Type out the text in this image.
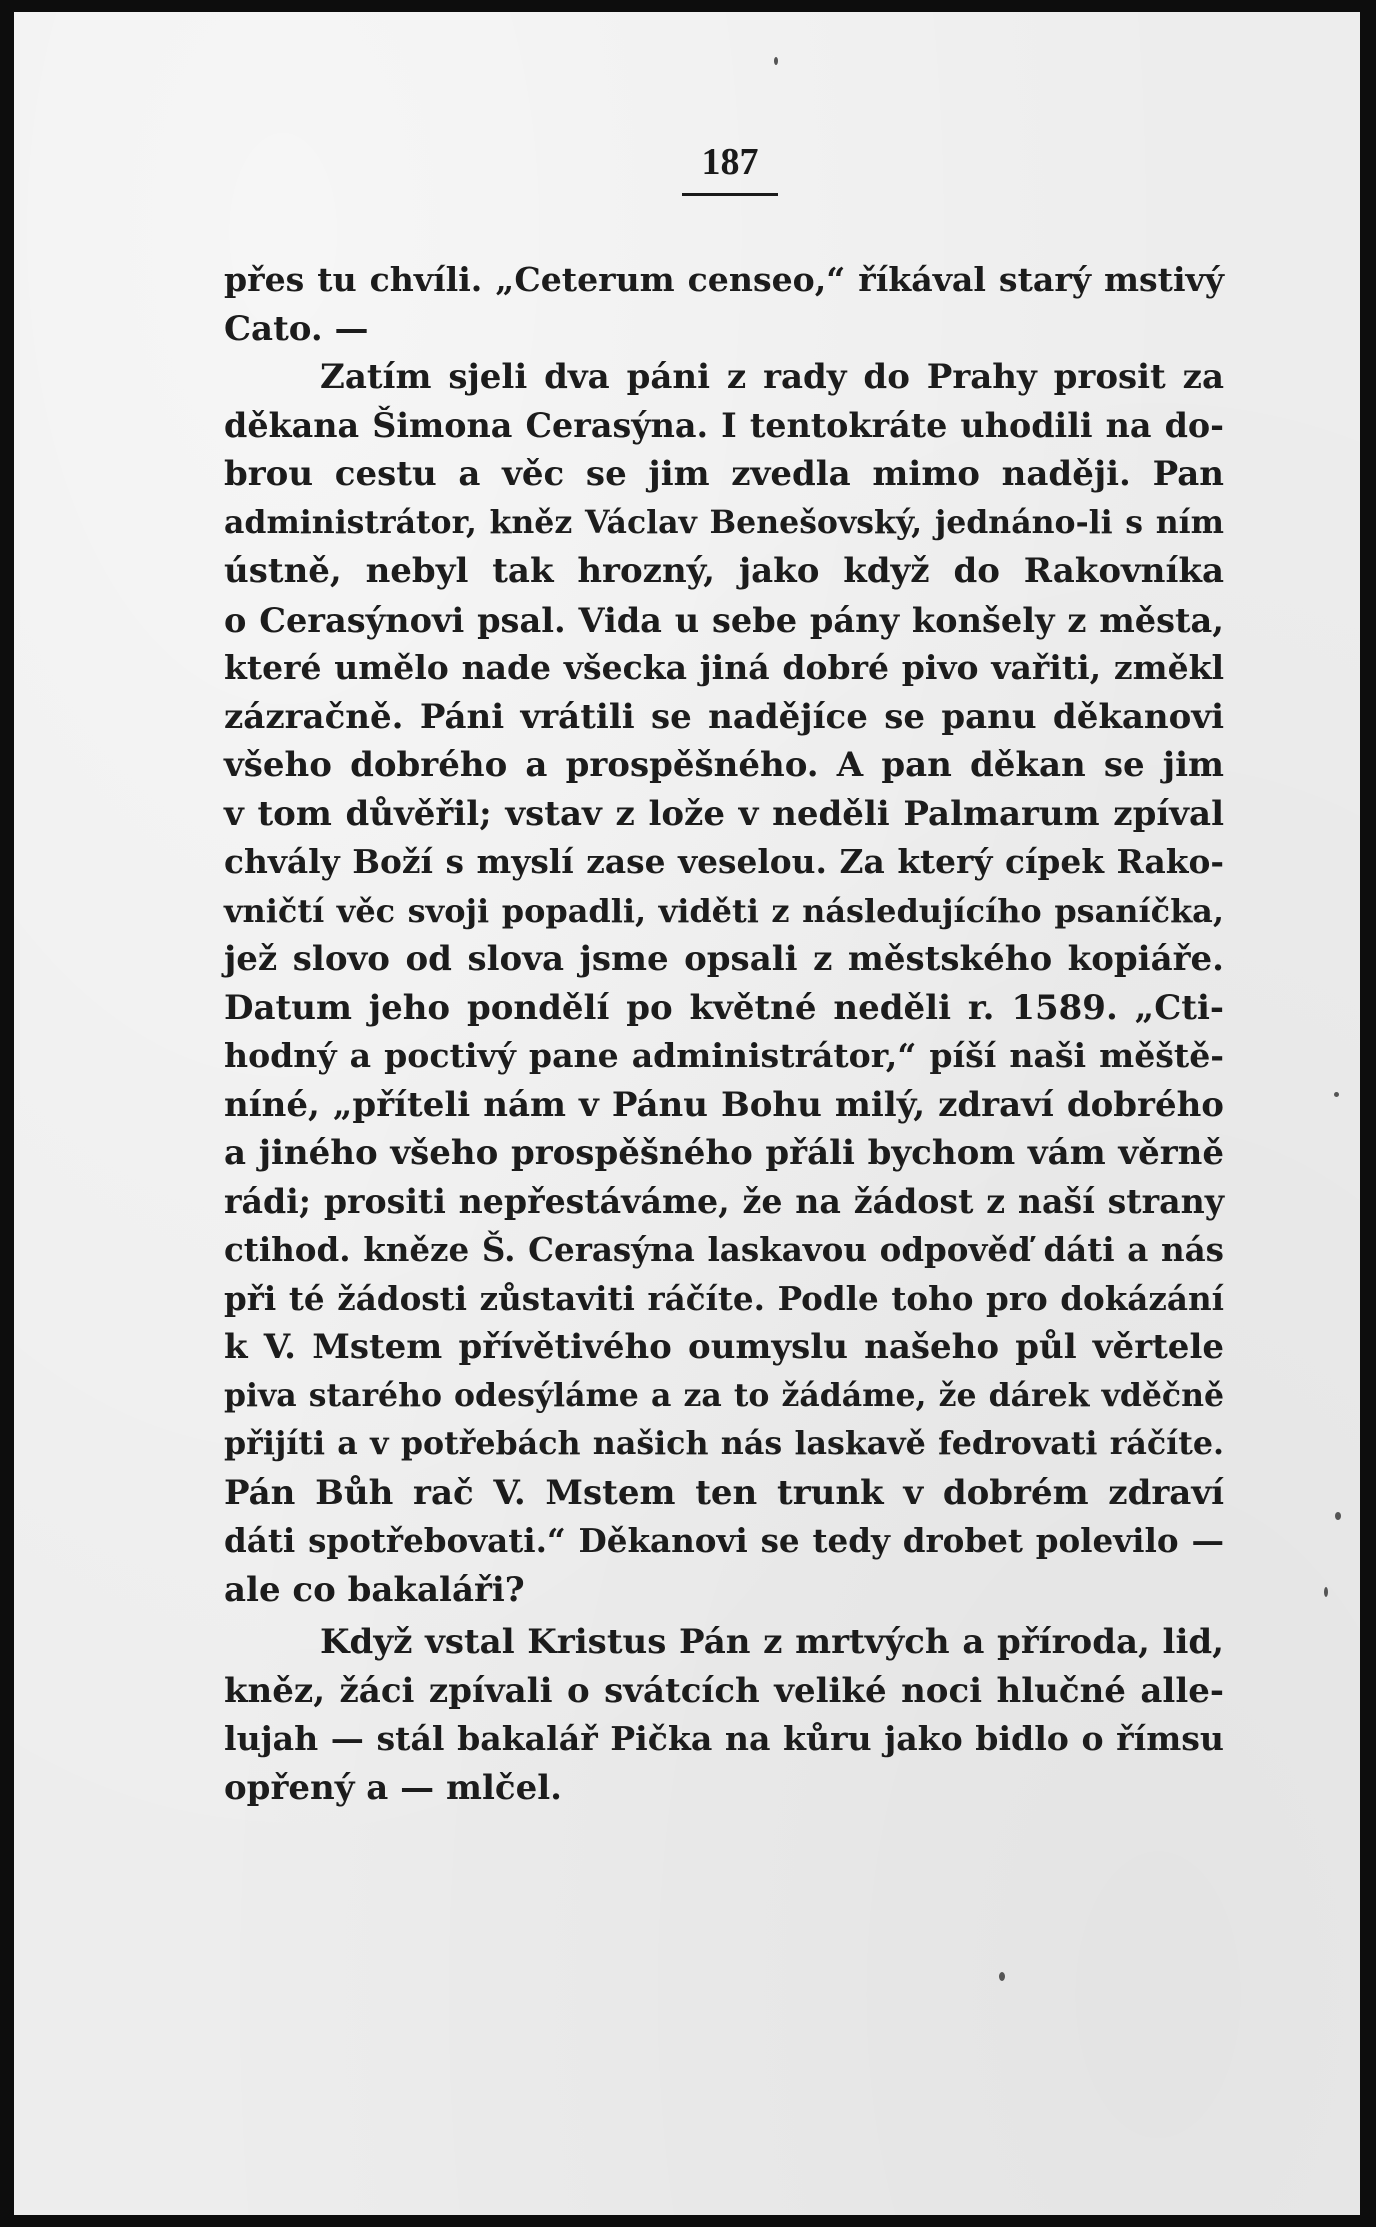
187
přes tu chvíli. „Ceterum censeo,“ říkával starý mstivý
Cato. —
Zatím sjeli dva páni z rady do Prahy prosit za
děkana Šimona Cerasýna. I tentokráte uhodili na do-
brou cestu a věc se jim zvedla mimo naději. Pan
administrátor, kněz Václav Benešovský, jednáno-li s ním
ústně, nebyl tak hrozný, jako když do Rakovníka
o Cerasýnovi psal. Vida u sebe pány konšely z města,
které umělo nade všecka jiná dobré pivo vařiti, změkl
zázračně. Páni vrátili se nadějíce se panu děkanovi
všeho dobrého a prospěšného. A pan děkan se jim
v tom důvěřil; vstav z lože v neděli Palmarum zpíval
chvály Boží s myslí zase veselou. Za který cípek Rako-
vničtí věc svoji popadli, viděti z následujícího psaníčka,
jež slovo od slova jsme opsali z městského kopiáře.
Datum jeho pondělí po květné neděli r. 1589. „Cti-
hodný a poctivý pane administrátor,“ píší naši měště-
níné, „příteli nám v Pánu Bohu milý, zdraví dobrého
a jiného všeho prospěšného přáli bychom vám věrně
rádi; prositi nepřestáváme, že na žádost z naší strany
ctihod. kněze Š. Cerasýna laskavou odpověď dáti a nás
při té žádosti zůstaviti ráčíte. Podle toho pro dokázání
k V. Mstem přívětivého oumyslu našeho půl věrtele
piva starého odesýláme a za to žádáme, že dárek vděčně
přijíti a v potřebách našich nás laskavě fedrovati ráčíte.
Pán Bůh rač V. Mstem ten trunk v dobrém zdraví
dáti spotřebovati.“ Děkanovi se tedy drobet polevilo —
ale co bakaláři?
Když vstal Kristus Pán z mrtvých a příroda, lid,
kněz, žáci zpívali o svátcích veliké noci hlučné alle-
lujah — stál bakalář Pička na kůru jako bidlo o římsu
opřený a — mlčel.
